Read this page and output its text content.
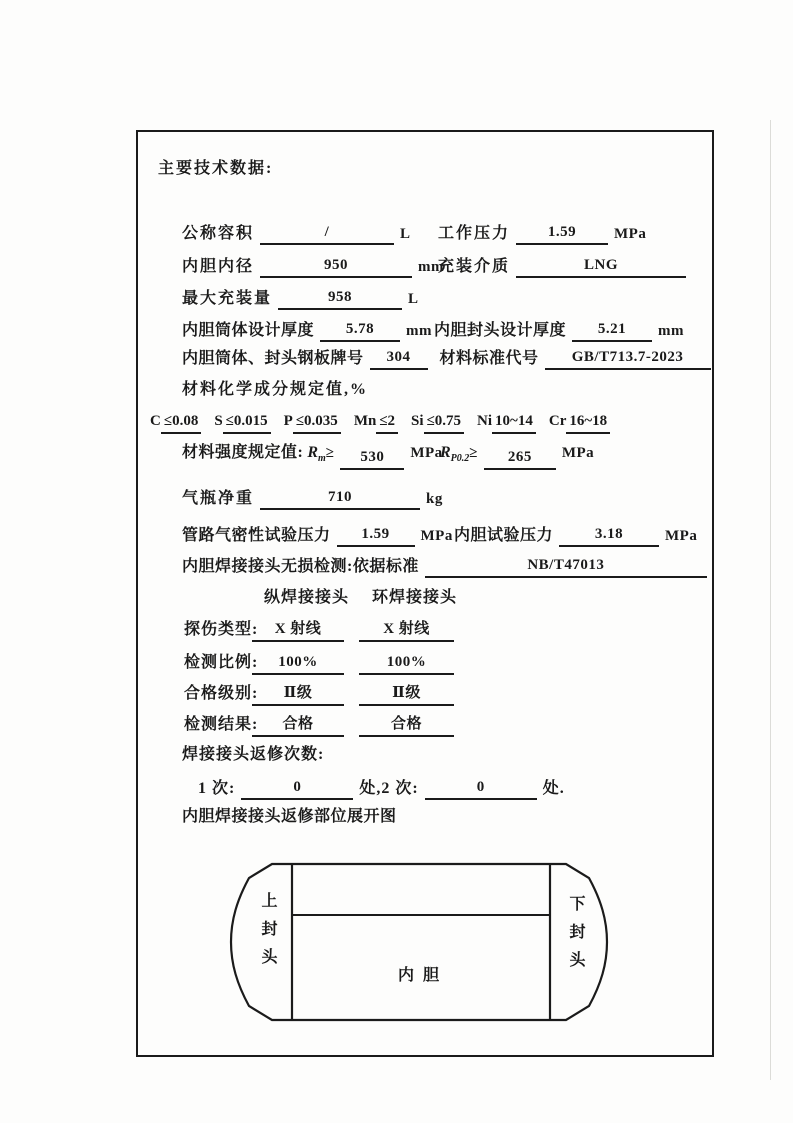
主要技术数据:
公称容积	/	L 工作压力	1.59	MPa
内胆内径	950	mm
充装介质	LNG
最大充装量	958	L
内胆筒体设计厚度 5.78 mm 内胆封头设计厚度 5.21 mm
内胆筒体、封头钢板牌号 304 材料标准代号 GB/T713.7-2023
材料化学成分规定值,%
C ≤0.08 S ≤0.015 P ≤0.035 Mn ≤2 Si ≤0.75 Ni 10~14 Cr 16~18
材料强度规定值: $R_m\ge 530$ MPa
$R_{P0.2}\ge 265$ MPa
气瓶净重	710	kg
管路气密性试验压力 1.59 MPa 内胆试验压力	3.18	MPa
内胆焊接接头无损检测:依据标准	NB/T47013
纵焊接接头 环焊接接头
探伤类型:	X 射线	X 射线
检测比例:	100%	100%
合格级别:	Ⅱ级	Ⅱ级
检测结果:	合格	合格
焊接接头返修次数:
1 次:	0	处,2 次:	0	处.
内胆焊接接头返修部位展开图
上封头	内胆	下封头
